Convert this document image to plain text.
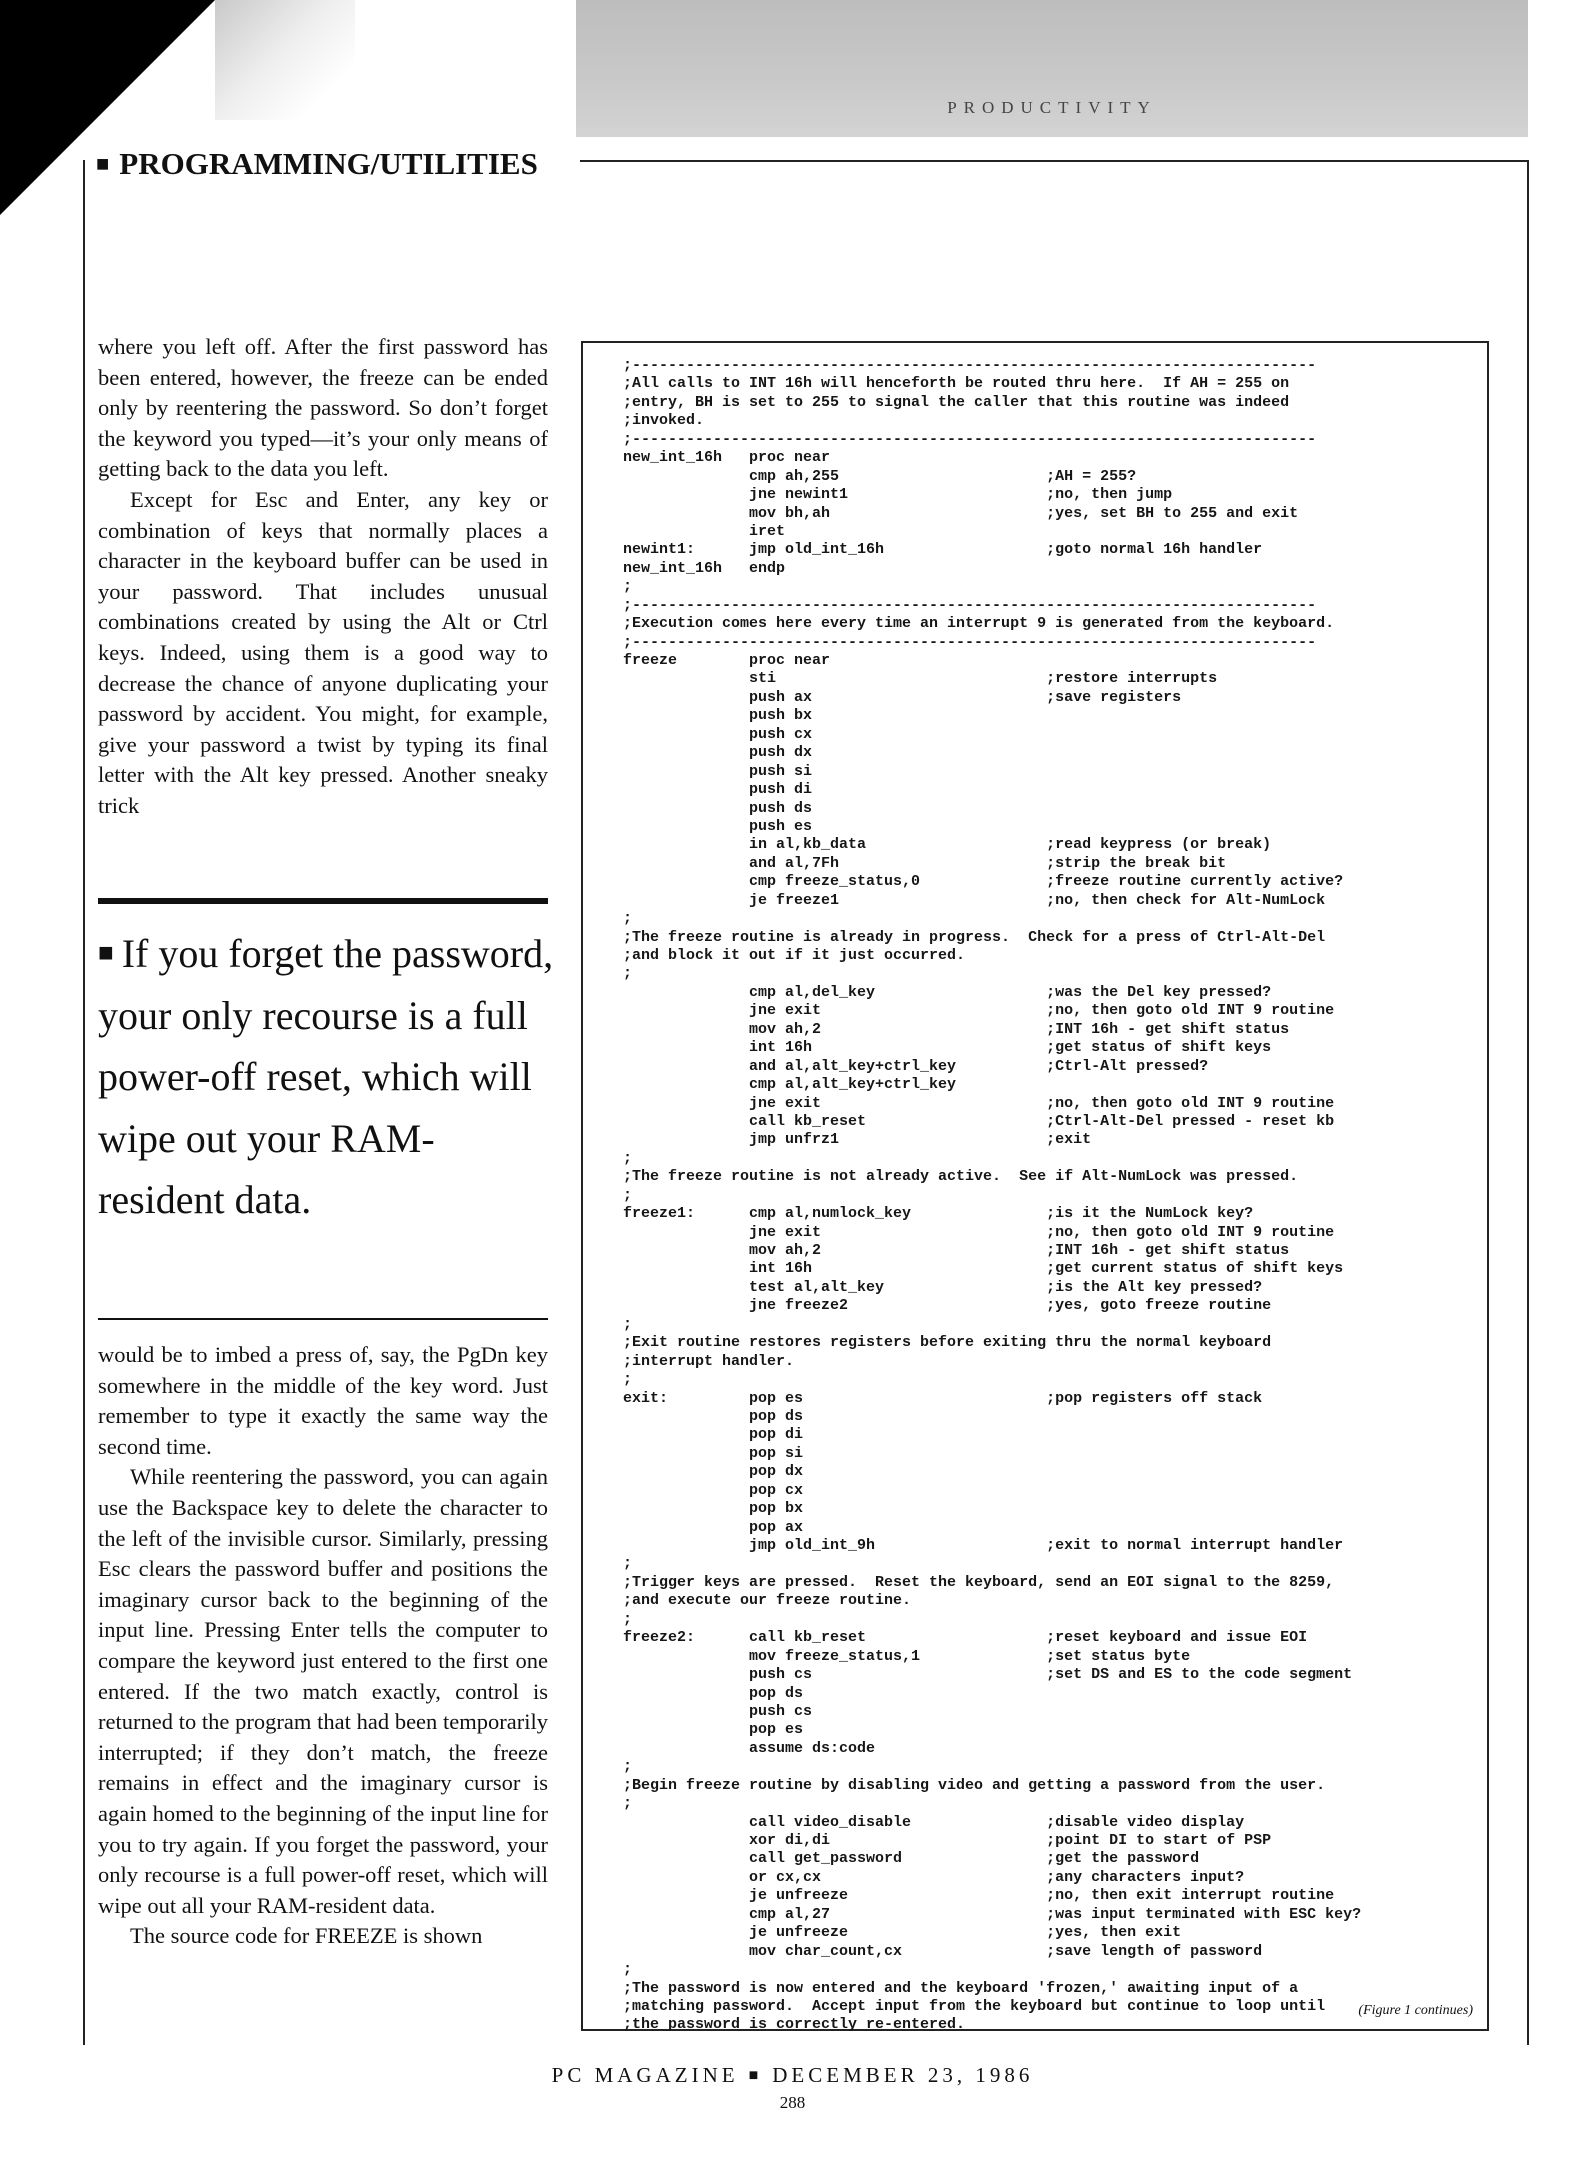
PRODUCTIVITY
■ PROGRAMMING/UTILITIES

where you left off. After the first password has been entered, however, the freeze can be ended only by reentering the password. So don’t forget the keyword you typed—it’s your only means of getting back to the data you left.

Except for Esc and Enter, any key or combination of keys that normally places a character in the keyboard buffer can be used in your password. That includes unusual combinations created by using the Alt or Ctrl keys. Indeed, using them is a good way to decrease the chance of anyone duplicating your password by accident. You might, for example, give your password a twist by typing its final letter with the Alt key pressed. Another sneaky trick

■ If you forget the password, your only recourse is a full power-off reset, which will wipe out your RAM-resident data.

would be to imbed a press of, say, the PgDn key somewhere in the middle of the key word. Just remember to type it exactly the same way the second time.

While reentering the password, you can again use the Backspace key to delete the character to the left of the invisible cursor. Similarly, pressing Esc clears the password buffer and positions the imaginary cursor back to the beginning of the input line. Pressing Enter tells the computer to compare the keyword just entered to the first one entered. If the two match exactly, control is returned to the program that had been temporarily interrupted; if they don’t match, the freeze remains in effect and the imaginary cursor is again homed to the beginning of the input line for you to try again. If you forget the password, your only recourse is a full power-off reset, which will wipe out all your RAM-resident data.

The source code for FREEZE is shown

;----------------------------------------------------------------------------
;All calls to INT 16h will henceforth be routed thru here.  If AH = 255 on
;entry, BH is set to 255 to signal the caller that this routine was indeed
;invoked.
;----------------------------------------------------------------------------
new_int_16h   proc near
cmp ah,255                       ;AH = 255?
jne newint1                      ;no, then jump
mov bh,ah                        ;yes, set BH to 255 and exit
iret
newint1:      jmp old_int_16h                  ;goto normal 16h handler
new_int_16h   endp
;
;----------------------------------------------------------------------------
;Execution comes here every time an interrupt 9 is generated from the keyboard.
;----------------------------------------------------------------------------
freeze        proc near
sti                              ;restore interrupts
push ax                          ;save registers
push bx
push cx
push dx
push si
push di
push ds
push es
in al,kb_data                    ;read keypress (or break)
and al,7Fh                       ;strip the break bit
cmp freeze_status,0              ;freeze routine currently active?
je freeze1                       ;no, then check for Alt-NumLock
;
;The freeze routine is already in progress.  Check for a press of Ctrl-Alt-Del
;and block it out if it just occurred.
;
cmp al,del_key                   ;was the Del key pressed?
jne exit                         ;no, then goto old INT 9 routine
mov ah,2                         ;INT 16h - get shift status
int 16h                          ;get status of shift keys
and al,alt_key+ctrl_key          ;Ctrl-Alt pressed?
cmp al,alt_key+ctrl_key
jne exit                         ;no, then goto old INT 9 routine
call kb_reset                    ;Ctrl-Alt-Del pressed - reset kb
jmp unfrz1                       ;exit
;
;The freeze routine is not already active.  See if Alt-NumLock was pressed.
;
freeze1:      cmp al,numlock_key               ;is it the NumLock key?
jne exit                         ;no, then goto old INT 9 routine
mov ah,2                         ;INT 16h - get shift status
int 16h                          ;get current status of shift keys
test al,alt_key                  ;is the Alt key pressed?
jne freeze2                      ;yes, goto freeze routine
;
;Exit routine restores registers before exiting thru the normal keyboard
;interrupt handler.
;
exit:         pop es                           ;pop registers off stack
pop ds
pop di
pop si
pop dx
pop cx
pop bx
pop ax
jmp old_int_9h                   ;exit to normal interrupt handler
;
;Trigger keys are pressed.  Reset the keyboard, send an EOI signal to the 8259,
;and execute our freeze routine.
;
freeze2:      call kb_reset                    ;reset keyboard and issue EOI
mov freeze_status,1              ;set status byte
push cs                          ;set DS and ES to the code segment
pop ds
push cs
pop es
assume ds:code
;
;Begin freeze routine by disabling video and getting a password from the user.
;
call video_disable               ;disable video display
xor di,di                        ;point DI to start of PSP
call get_password                ;get the password
or cx,cx                         ;any characters input?
je unfreeze                      ;no, then exit interrupt routine
cmp al,27                        ;was input terminated with ESC key?
je unfreeze                      ;yes, then exit
mov char_count,cx                ;save length of password
;
;The password is now entered and the keyboard 'frozen,' awaiting input of a
;matching password.  Accept input from the keyboard but continue to loop until
;the password is correctly re-entered.
(Figure 1 continues)
PC MAGAZINE ■ DECEMBER 23, 1986
288
